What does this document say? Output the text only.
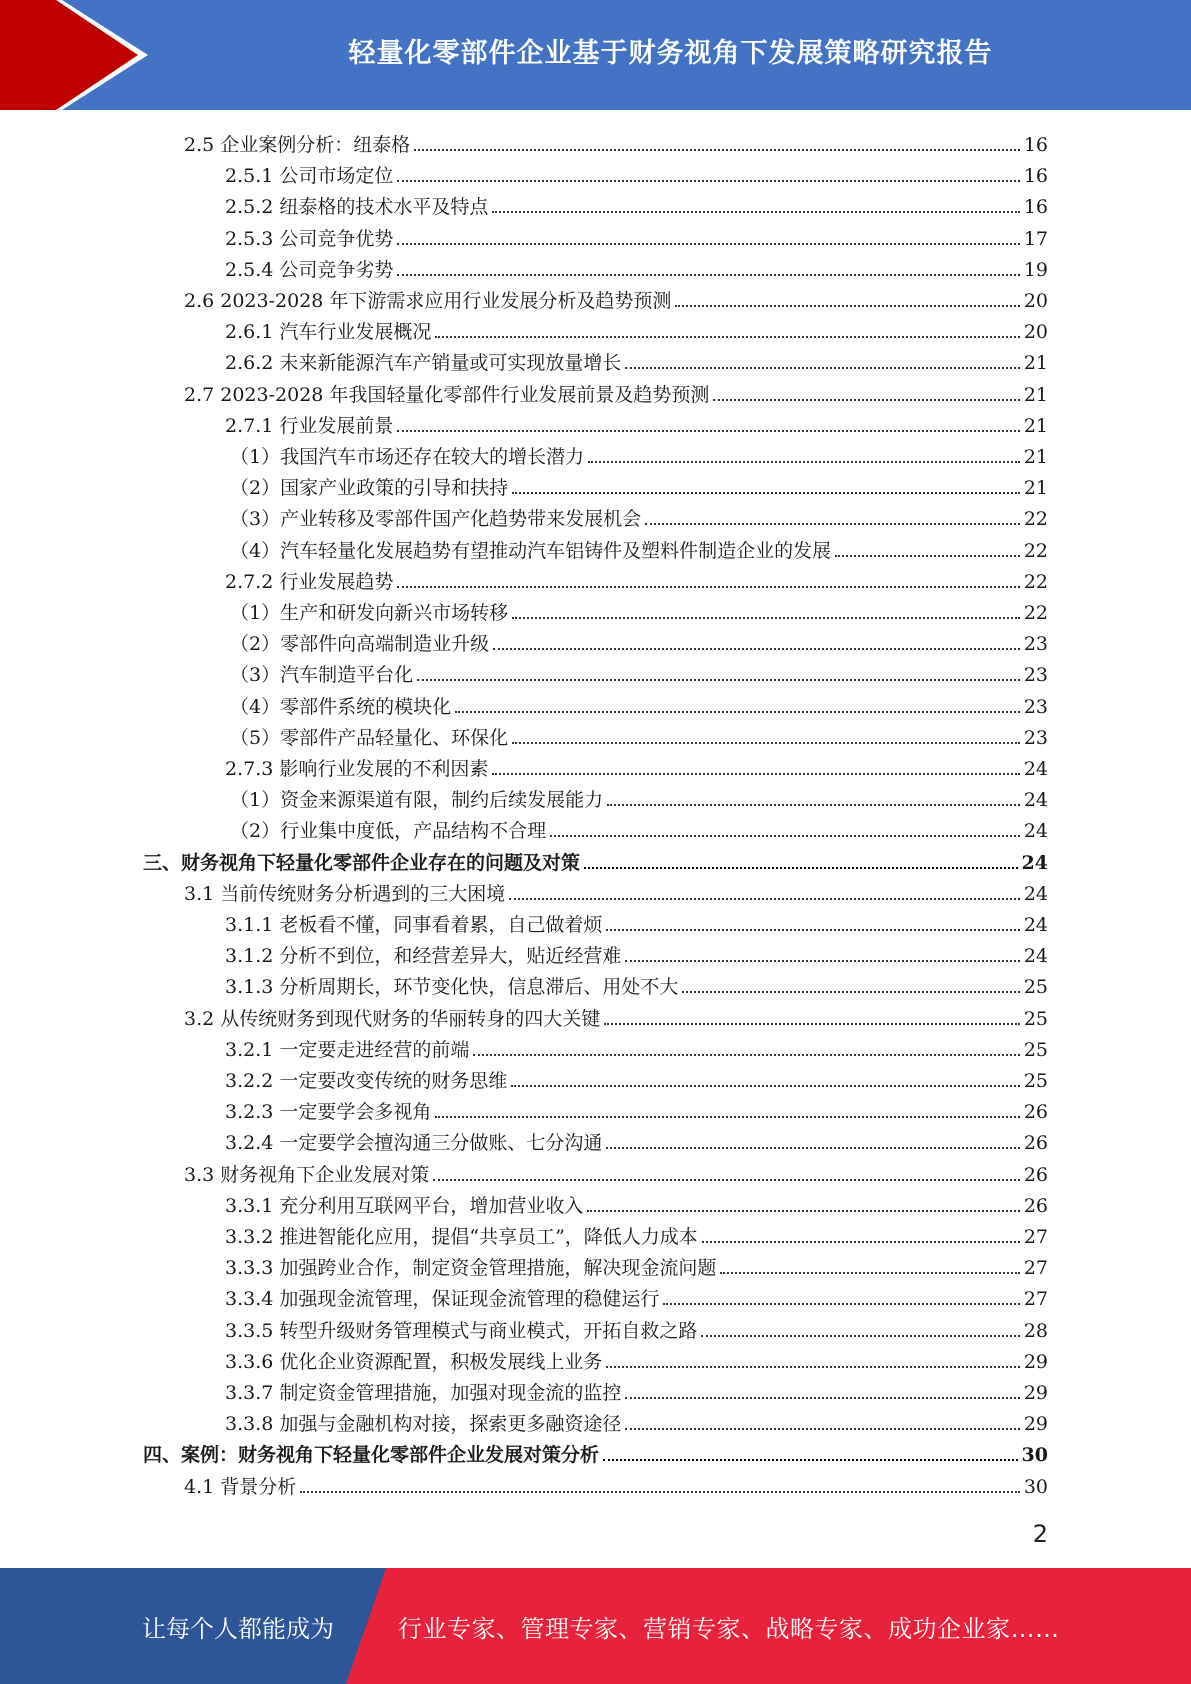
轻量化零部件企业基于财务视角下发展策略研究报告
2.5 企业案例分析：纽泰格	16
2.5.1 公司市场定位	16
2.5.2 纽泰格的技术水平及特点	16
2.5.3 公司竞争优势	17
2.5.4 公司竞争劣势	19
2.6 2023-2028 年下游需求应用行业发展分析及趋势预测	20
2.6.1 汽车行业发展概况	20
2.6.2 未来新能源汽车产销量或可实现放量增长	21
2.7 2023-2028 年我国轻量化零部件行业发展前景及趋势预测	21
2.7.1 行业发展前景	21
（1）我国汽车市场还存在较大的增长潜力	21
（2）国家产业政策的引导和扶持	21
（3）产业转移及零部件国产化趋势带来发展机会	22
（4）汽车轻量化发展趋势有望推动汽车铝铸件及塑料件制造企业的发展	22
2.7.2 行业发展趋势	22
（1）生产和研发向新兴市场转移	22
（2）零部件向高端制造业升级	23
（3）汽车制造平台化	23
（4）零部件系统的模块化	23
（5）零部件产品轻量化、环保化	23
2.7.3 影响行业发展的不利因素	24
（1）资金来源渠道有限，制约后续发展能力	24
（2）行业集中度低，产品结构不合理	24
三、财务视角下轻量化零部件企业存在的问题及对策	24
3.1 当前传统财务分析遇到的三大困境	24
3.1.1 老板看不懂，同事看着累，自己做着烦	24
3.1.2 分析不到位，和经营差异大，贴近经营难	24
3.1.3 分析周期长，环节变化快，信息滞后、用处不大	25
3.2 从传统财务到现代财务的华丽转身的四大关键	25
3.2.1 一定要走进经营的前端	25
3.2.2 一定要改变传统的财务思维	25
3.2.3 一定要学会多视角	26
3.2.4 一定要学会擅沟通三分做账、七分沟通	26
3.3 财务视角下企业发展对策	26
3.3.1 充分利用互联网平台，增加营业收入	26
3.3.2 推进智能化应用，提倡“共享员工”，降低人力成本	27
3.3.3 加强跨业合作，制定资金管理措施，解决现金流问题	27
3.3.4 加强现金流管理，保证现金流管理的稳健运行	27
3.3.5 转型升级财务管理模式与商业模式，开拓自救之路	28
3.3.6 优化企业资源配置，积极发展线上业务	29
3.3.7 制定资金管理措施，加强对现金流的监控	29
3.3.8 加强与金融机构对接，探索更多融资途径	29
四、案例：财务视角下轻量化零部件企业发展对策分析	30
4.1 背景分析	30
2
让每个人都能成为	行业专家、管理专家、营销专家、战略专家、成功企业家……
